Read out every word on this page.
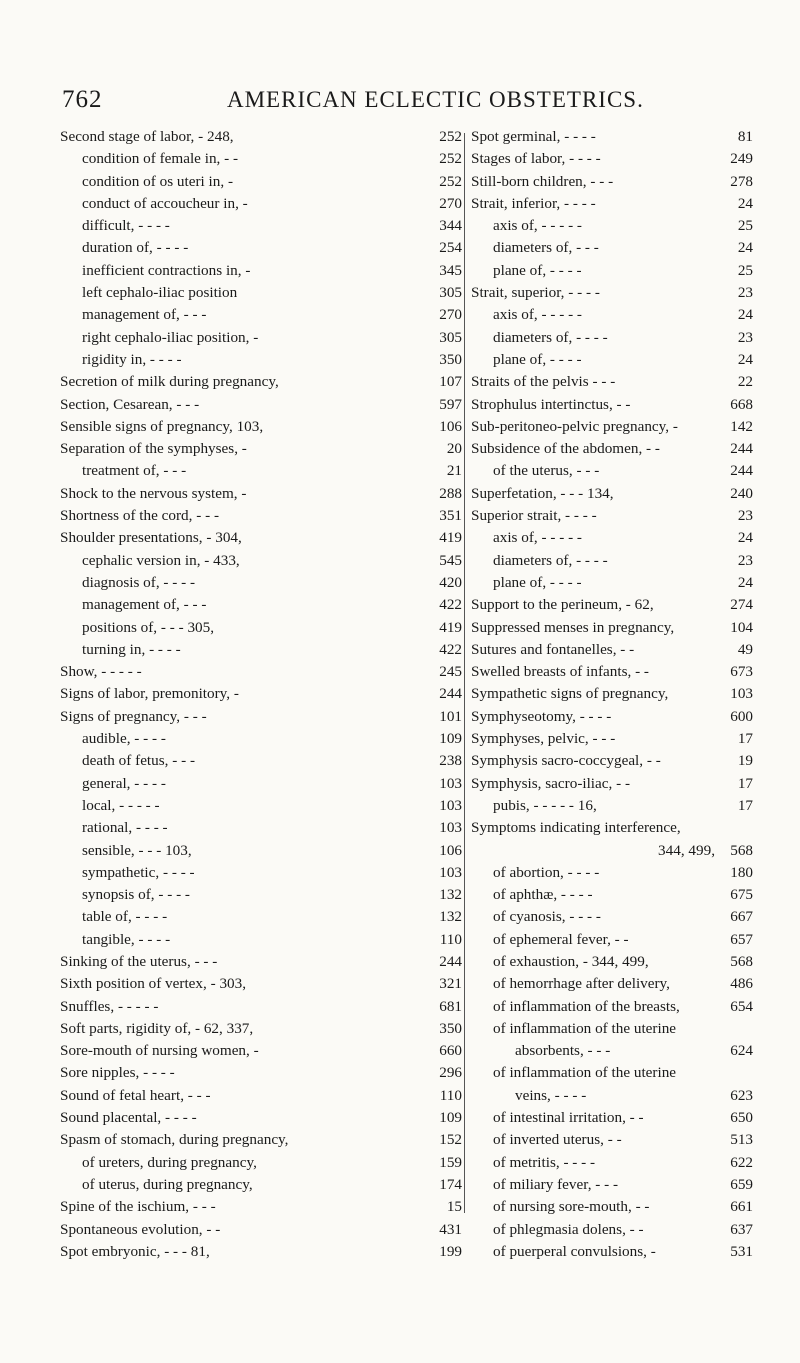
762	AMERICAN ECLECTIC OBSTETRICS.
Second stage of labor, - 248,	252
condition of female in, - -	252
condition of os uteri in, -	252
conduct of accoucheur in, -	270
difficult, - - - -	344
duration of, - - - -	254
inefficient contractions in, -	345
left cephalo-iliac position	305
management of, - - -	270
right cephalo-iliac position, -	305
rigidity in, - - - -	350
Secretion of milk during pregnancy,	107
Section, Cesarean, - - -	597
Sensible signs of pregnancy, 103,	106
Separation of the symphyses, -	20
treatment of, - - -	21
Shock to the nervous system, -	288
Shortness of the cord, - - -	351
Shoulder presentations, - 304,	419
cephalic version in, - 433,	545
diagnosis of, - - - -	420
management of, - - -	422
positions of, - - - 305,	419
turning in, - - - -	422
Show, - - - - -	245
Signs of labor, premonitory, -	244
Signs of pregnancy, - - -	101
audible, - - - -	109
death of fetus, - - -	238
general, - - - -	103
local, - - - - -	103
rational, - - - -	103
sensible, - - - 103,	106
sympathetic, - - - -	103
synopsis of, - - - -	132
table of, - - - -	132
tangible, - - - -	110
Sinking of the uterus, - - -	244
Sixth position of vertex, - 303,	321
Snuffles, - - - - -	681
Soft parts, rigidity of, - 62, 337,	350
Sore-mouth of nursing women, -	660
Sore nipples, - - - -	296
Sound of fetal heart, - - -	110
Sound placental, - - - -	109
Spasm of stomach, during pregnancy,	152
of ureters, during pregnancy,	159
of uterus, during pregnancy,	174
Spine of the ischium, - - -	15
Spontaneous evolution, - -	431
Spot embryonic, - - - 81,	199
Spot germinal, - - - -	81
Stages of labor, - - - -	249
Still-born children, - - -	278
Strait, inferior, - - - -	24
axis of, - - - - -	25
diameters of, - - -	24
plane of, - - - -	25
Strait, superior, - - - -	23
axis of, - - - - -	24
diameters of, - - - -	23
plane of, - - - -	24
Straits of the pelvis - - -	22
Strophulus intertinctus, - -	668
Sub-peritoneo-pelvic pregnancy, -	142
Subsidence of the abdomen, - -	244
of the uterus, - - -	244
Superfetation, - - - 134,	240
Superior strait, - - - -	23
axis of, - - - - -	24
diameters of, - - - -	23
plane of, - - - -	24
Support to the perineum, - 62,	274
Suppressed menses in pregnancy,	104
Sutures and fontanelles, - -	49
Swelled breasts of infants, - -	673
Sympathetic signs of pregnancy,	103
Symphyseotomy, - - - -	600
Symphyses, pelvic, - - -	17
Symphysis sacro-coccygeal, - -	19
Symphysis, sacro-iliac, - -	17
pubis, - - - - - 16,	17
Symptoms indicating interference,
344, 499, 568
of abortion, - - - -	180
of aphthæ, - - - -	675
of cyanosis, - - - -	667
of ephemeral fever, - -	657
of exhaustion, - 344, 499,	568
of hemorrhage after delivery,	486
of inflammation of the breasts,	654
of inflammation of the uterine
absorbents, - - -	624
of inflammation of the uterine
veins, - - - -	623
of intestinal irritation, - -	650
of inverted uterus, - -	513
of metritis, - - - -	622
of miliary fever, - - -	659
of nursing sore-mouth, - -	661
of phlegmasia dolens, - -	637
of puerperal convulsions, -	531
